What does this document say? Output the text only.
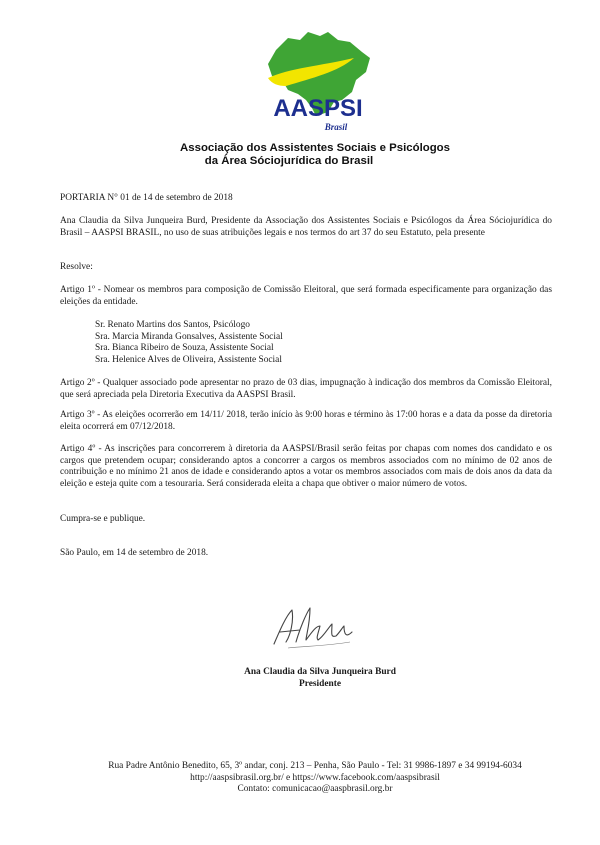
AASPSI
Brasil
Associação dos Assistentes Sociais e Psicólogos
da Área Sóciojurídica do Brasil
PORTARIA N° 01 de 14 de setembro de 2018
Ana Claudia da Silva Junqueira Burd, Presidente da Associação dos Assistentes Sociais e Psicólogos da Área Sóciojurídica do Brasil – AASPSI BRASIL, no uso de suas atribuições legais e nos termos do art 37 do seu Estatuto, pela presente
Resolve:
Artigo 1º - Nomear os membros para composição de Comissão Eleitoral, que será formada especificamente para organização das eleições da entidade.
Sr. Renato Martins dos Santos, Psicólogo
Sra. Marcia Miranda Gonsalves, Assistente Social
Sra. Bianca Ribeiro de Souza, Assistente Social
Sra. Helenice Alves de Oliveira, Assistente Social
Artigo 2º - Qualquer associado pode apresentar no prazo de 03 dias, impugnação à indicação dos membros da Comissão Eleitoral, que será apreciada pela Diretoria Executiva da AASPSI Brasil.
Artigo 3º - As eleições ocorrerão em 14/11/ 2018, terão início às 9:00 horas e término às 17:00 horas e a data da posse da diretoria eleita ocorrerá em 07/12/2018.
Artigo 4º - As inscrições para concorrerem à diretoria da AASPSI/Brasil serão feitas por chapas com nomes dos candidato e os cargos que pretendem ocupar; considerando aptos a concorrer a cargos os membros associados com no mínimo de 02 anos de contribuição e no mínimo 21 anos de idade e considerando aptos a votar os membros associados com mais de dois anos da data da eleição e esteja quite com a tesouraria. Será considerada eleita a chapa que obtiver o maior número de votos.
Cumpra-se e publique.
São Paulo, em 14 de setembro de 2018.
Ana Claudia da Silva Junqueira Burd
Presidente
Rua Padre Antônio Benedito, 65, 3º andar, conj. 213 – Penha, São Paulo - Tel: 31 9986-1897 e 34 99194-6034
http://aaspsibrasil.org.br/ e https://www.facebook.com/aaspsibrasil
Contato: comunicacao@aaspbrasil.org.br
